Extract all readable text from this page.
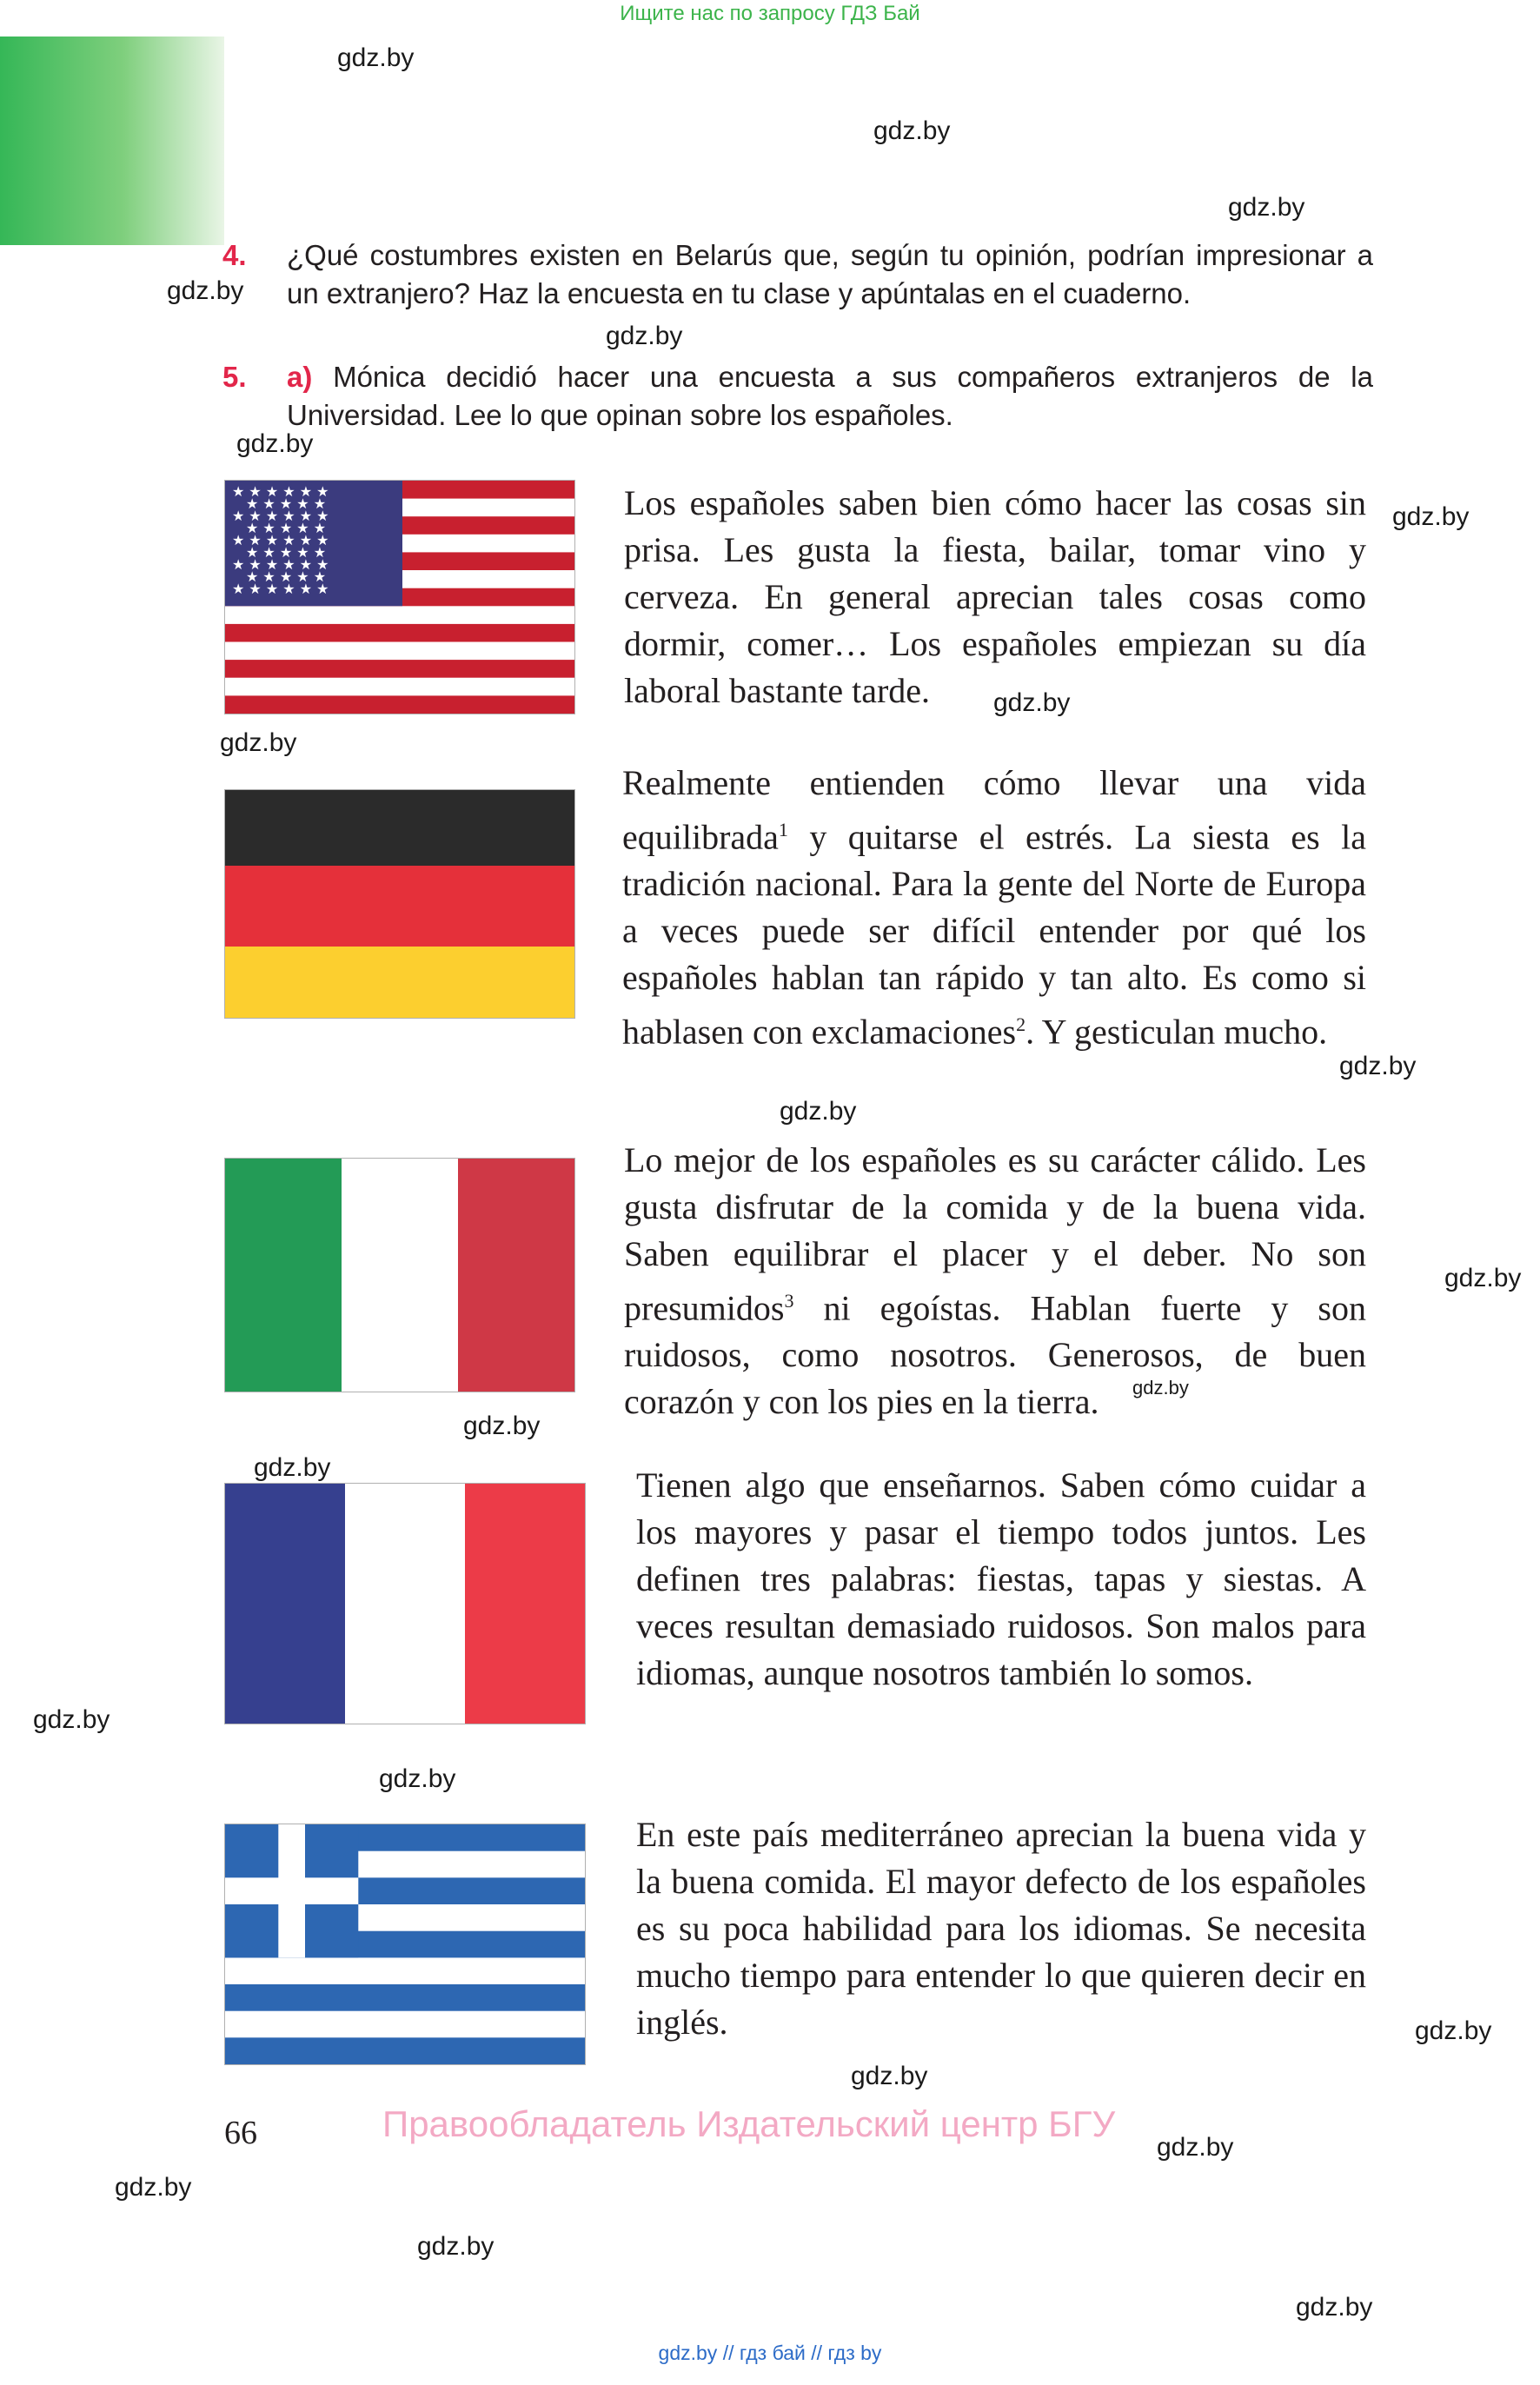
Ищите нас по запросу ГДЗ Бай
gdz.by
gdz.by
gdz.by
gdz.by
gdz.by
gdz.by
gdz.by
gdz.by
gdz.by
gdz.by
gdz.by
gdz.by
gdz.by
gdz.by
gdz.by
gdz.by
gdz.by
gdz.by
gdz.by
gdz.by
gdz.by
gdz.by
gdz.by
4. ¿Qué costumbres existen en Belarús que, según tu opinión, podrían impresionar a un extranjero? Haz la encuesta en tu clase y apúntalas en el cuaderno.
5. a) Mónica decidió hacer una encuesta a sus compañeros extranjeros de la Universidad. Lee lo que opinan sobre los españoles.
★ ★ ★ ★ ★ ★
★ ★ ★ ★ ★
★ ★ ★ ★ ★ ★
★ ★ ★ ★ ★
★ ★ ★ ★ ★ ★
★ ★ ★ ★ ★
★ ★ ★ ★ ★ ★
★ ★ ★ ★ ★
★ ★ ★ ★ ★ ★
Los españoles saben bien cómo hacer las cosas sin prisa. Les gusta la fiesta, bailar, tomar vino y cerveza. En general aprecian tales cosas como dormir, comer… Los españoles empiezan su día laboral bastante tarde.
Realmente entienden cómo llevar una vida equilibrada$^1$ y quitarse el estrés. La siesta es la tradición nacional. Para la gente del Norte de Europa a veces puede ser difícil entender por qué los españoles hablan tan rápido y tan alto. Es como si hablasen con exclamaciones$^2$. Y gesticulan mucho.
Lo mejor de los españoles es su carácter cálido. Les gusta disfrutar de la comida y de la buena vida. Saben equilibrar el placer y el deber. No son presumidos$^3$ ni egoístas. Hablan fuerte y son ruidosos, como nosotros. Generosos, de buen corazón y con los pies en la tierra.
Tienen algo que enseñarnos. Saben cómo cuidar a los mayores y pasar el tiempo todos juntos. Les definen tres palabras: fiestas, tapas y siestas. A veces resultan demasiado ruidosos. Son malos para idiomas, aunque nosotros también lo somos.
En este país mediterráneo aprecian la buena vida y la buena comida. El mayor defecto de los españoles es su poca habilidad para los idiomas. Se necesita mucho tiempo para entender lo que quieren decir en inglés.
66	Правообладатель Издательский центр БГУ
gdz.by // гдз бай // гдз by
